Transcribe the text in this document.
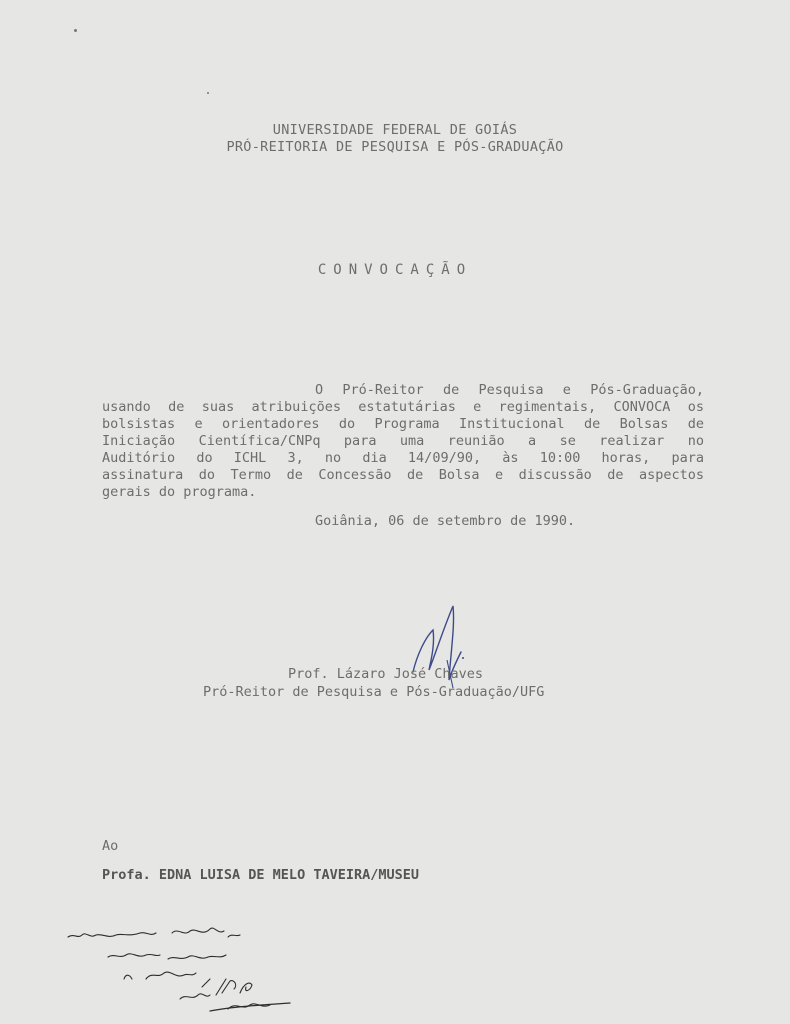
UNIVERSIDADE FEDERAL DE GOIÁS
PRÓ-REITORIA DE PESQUISA E PÓS-GRADUAÇÃO
CONVOCAÇÃO
O Pró-Reitor de Pesquisa e Pós-Graduação,
usando de suas atribuições estatutárias e regimentais, CONVOCA os
bolsistas e orientadores do Programa Institucional de Bolsas de
Iniciação Científica/CNPq para uma reunião a se realizar no
Auditório do ICHL 3, no dia 14/09/90, às 10:00 horas, para
assinatura do Termo de Concessão de Bolsa e discussão de aspectos
gerais do programa.
Goiânia, 06 de setembro de 1990.
Prof. Lázaro José Chaves
Pró-Reitor de Pesquisa e Pós-Graduação/UFG
Ao
Profa. EDNA LUISA DE MELO TAVEIRA/MUSEU
